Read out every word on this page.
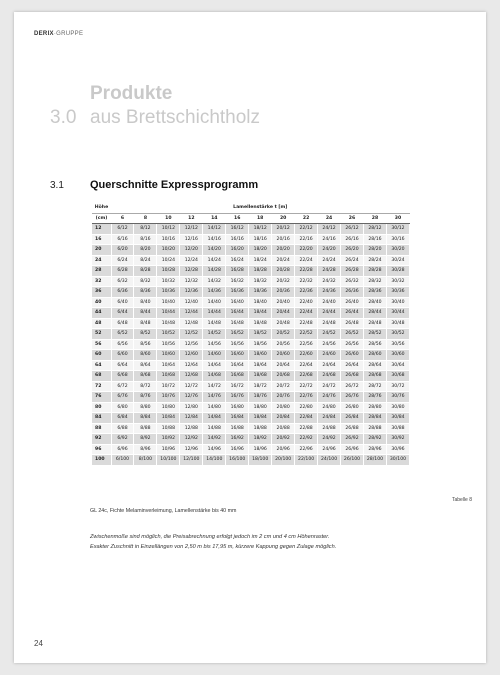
DERIX·GRUPPE
Produkte
3.0 aus Brettschichtholz
3.1 Querschnitte Expressprogramm
Höhe	Lamellenstärke t [m]												
(cm)	6	8	10	12	14	16	18	20	22	24	26	28	30
12	6/12	8/12	10/12	12/12	14/12	16/12	18/12	20/12	22/12	24/12	26/12	28/12	30/12
16	6/16	8/16	10/16	12/16	14/16	16/16	18/16	20/16	22/16	24/16	26/16	28/16	30/16
20	6/20	8/20	10/20	12/20	14/20	16/20	18/20	20/20	22/20	24/20	26/20	28/20	30/20
24	6/24	8/24	10/24	12/24	14/24	16/24	18/24	20/24	22/24	24/24	26/24	28/24	30/24
28	6/28	8/28	10/28	12/28	14/28	16/28	18/28	20/28	22/28	24/28	26/28	28/28	30/28
32	6/32	8/32	10/32	12/32	14/32	16/32	18/32	20/32	22/32	24/32	26/32	28/32	30/32
36	6/36	8/36	10/36	12/36	14/36	16/36	18/36	20/36	22/36	24/36	26/36	28/36	30/36
40	6/40	8/40	10/40	12/40	14/40	16/40	18/40	20/40	22/40	24/40	26/40	28/40	30/40
44	6/44	8/44	10/44	12/44	14/44	16/44	18/44	20/44	22/44	24/44	26/44	28/44	30/44
48	6/48	8/48	10/48	12/48	14/48	16/48	18/48	20/48	22/48	24/48	26/48	28/48	30/48
52	6/52	8/52	10/52	12/52	14/52	16/52	18/52	20/52	22/52	24/52	26/52	28/52	30/52
56	6/56	8/56	10/56	12/56	14/56	16/56	18/56	20/56	22/56	24/56	26/56	28/56	30/56
60	6/60	8/60	10/60	12/60	14/60	16/60	18/60	20/60	22/60	24/60	26/60	28/60	30/60
64	6/64	8/64	10/64	12/64	14/64	16/64	18/64	20/64	22/64	24/64	26/64	28/64	30/64
68	6/68	8/68	10/68	12/68	14/68	16/68	18/68	20/68	22/68	24/68	26/68	28/68	30/68
72	6/72	8/72	10/72	12/72	14/72	16/72	18/72	20/72	22/72	24/72	26/72	28/72	30/72
76	6/76	8/76	10/76	12/76	14/76	16/76	18/76	20/76	22/76	24/76	26/76	28/76	30/76
80	6/80	8/80	10/80	12/80	14/80	16/80	18/80	20/80	22/80	24/80	26/80	28/80	30/80
84	6/84	8/84	10/84	12/84	14/84	16/84	18/84	20/84	22/84	24/84	26/84	28/84	30/84
88	6/88	8/88	10/88	12/88	14/88	16/88	18/88	20/88	22/88	24/88	26/88	28/88	30/88
92	6/92	8/92	10/92	12/92	14/92	16/92	18/92	20/92	22/92	24/92	26/92	28/92	30/92
96	6/96	8/96	10/96	12/96	14/96	16/96	18/96	20/96	22/96	24/96	26/96	28/96	30/96
100	6/100	8/100	10/100	12/100	14/100	16/100	18/100	20/100	22/100	24/100	26/100	28/100	30/100
Tabelle 8
GL 24c, Fichte Melaminverleimung, Lamellenstärke bis 40 mm
Zwischenmoße sind möglich, die Preisabrechnung erfolgt jedoch im 2 cm und 4 cm Höhenraster.
Exakter Zuschnitt in Einzellängen von 2,50 m bis 17,95 m, kürzere Kappung gegen Zulage möglich.
24
